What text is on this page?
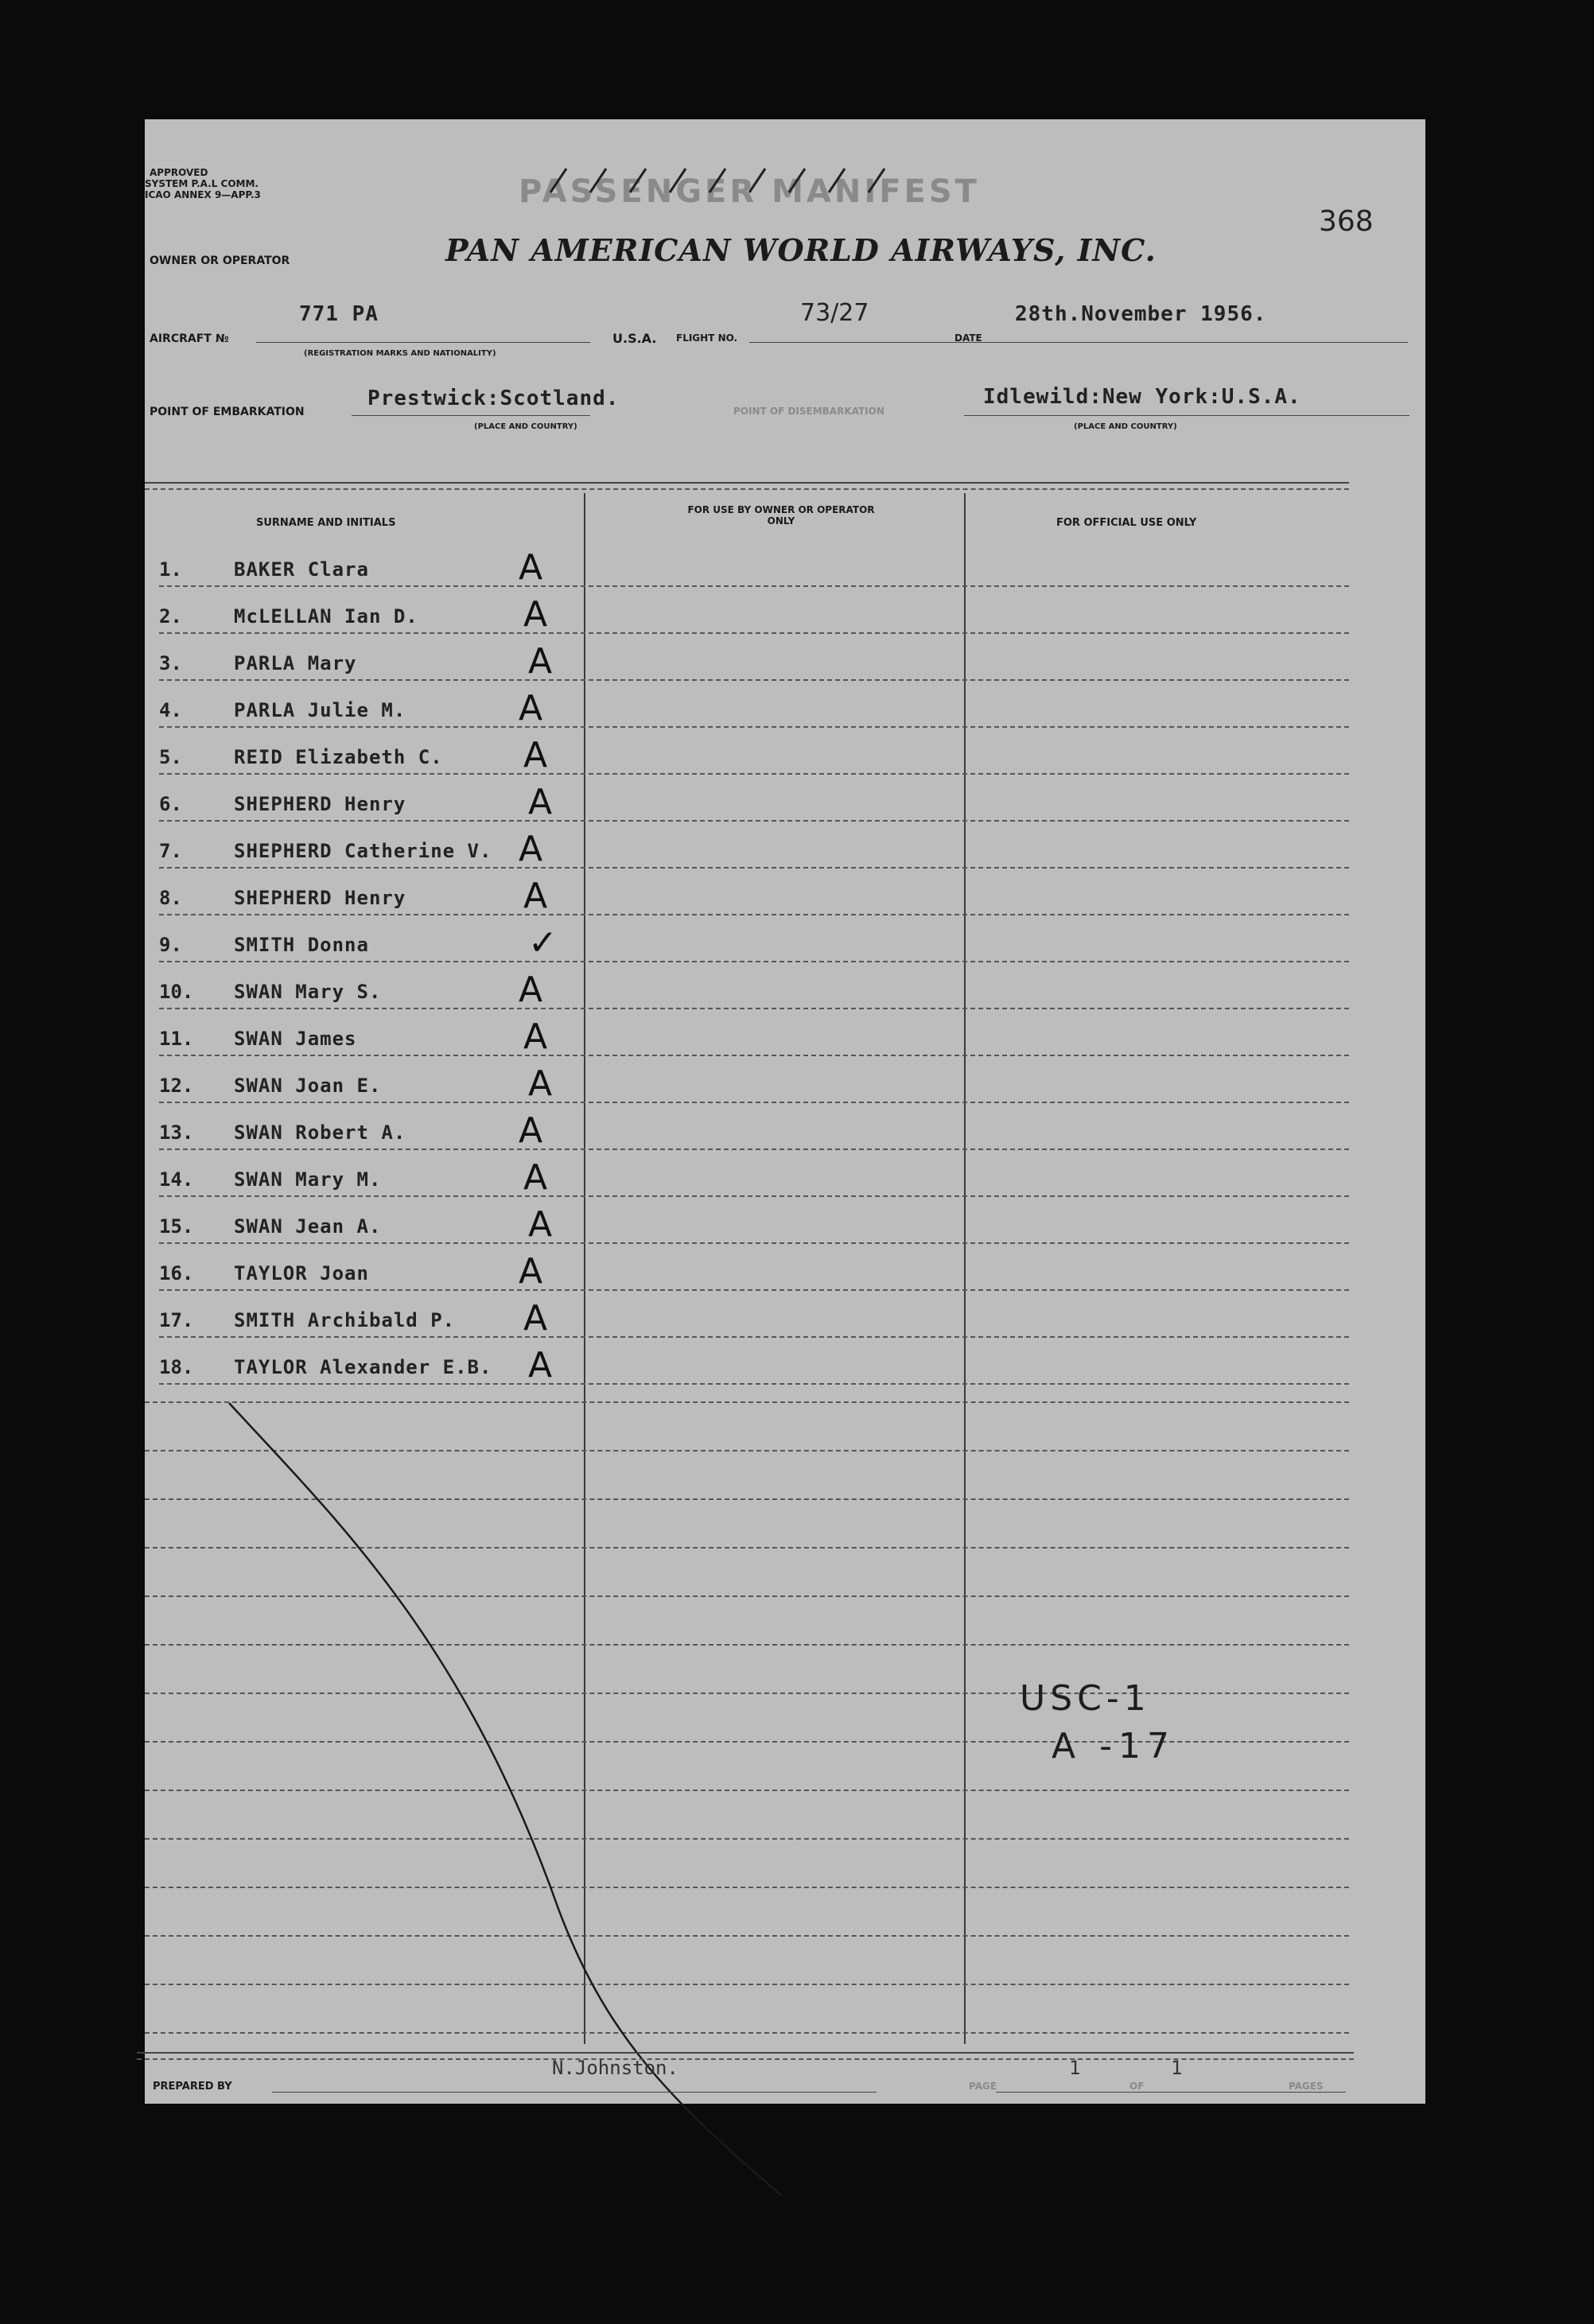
APPROVED
SYSTEM P.A.L COMM.
ICAO ANNEX 9—APP.3	PASSENGER MANIFEST
368
OWNER OR OPERATOR	PAN AMERICAN WORLD AIRWAYS, INC.
AIRCRAFT №
771 PA
(REGISTRATION MARKS AND NATIONALITY)
U.S.A. FLIGHT NO.
73/27
DATE
28th.November 1956.
POINT OF EMBARKATION
Prestwick:Scotland.
(PLACE AND COUNTRY)
POINT OF DISEMBARKATION
Idlewild:New York:U.S.A.
(PLACE AND COUNTRY)
SURNAME AND INITIALS
FOR USE BY OWNER OR OPERATOR ONLY	FOR OFFICIAL USE ONLY
1.	BAKER Clara	A
2.	McLELLAN Ian D.	A
3.	PARLA Mary	A
4.	PARLA Julie M.	A
5.	REID Elizabeth C. A
6.	SHEPHERD Henry	A
7.	SHEPHERD Catherine V. A
8.	SHEPHERD Henry	A
9.	SMITH Donna	✓
10. SWAN Mary S.	A
11. SWAN James	A
12. SWAN Joan E.	A
13. SWAN Robert A.	A
14. SWAN Mary M.	A
15. SWAN Jean A.	A
16. TAYLOR Joan	A
17. SMITH Archibald P. A
18. TAYLOR Alexander E.B. A
USC-1
A -17
PREPARED BY
N.Johnston.
PAGE
1
OF
1
PAGES
